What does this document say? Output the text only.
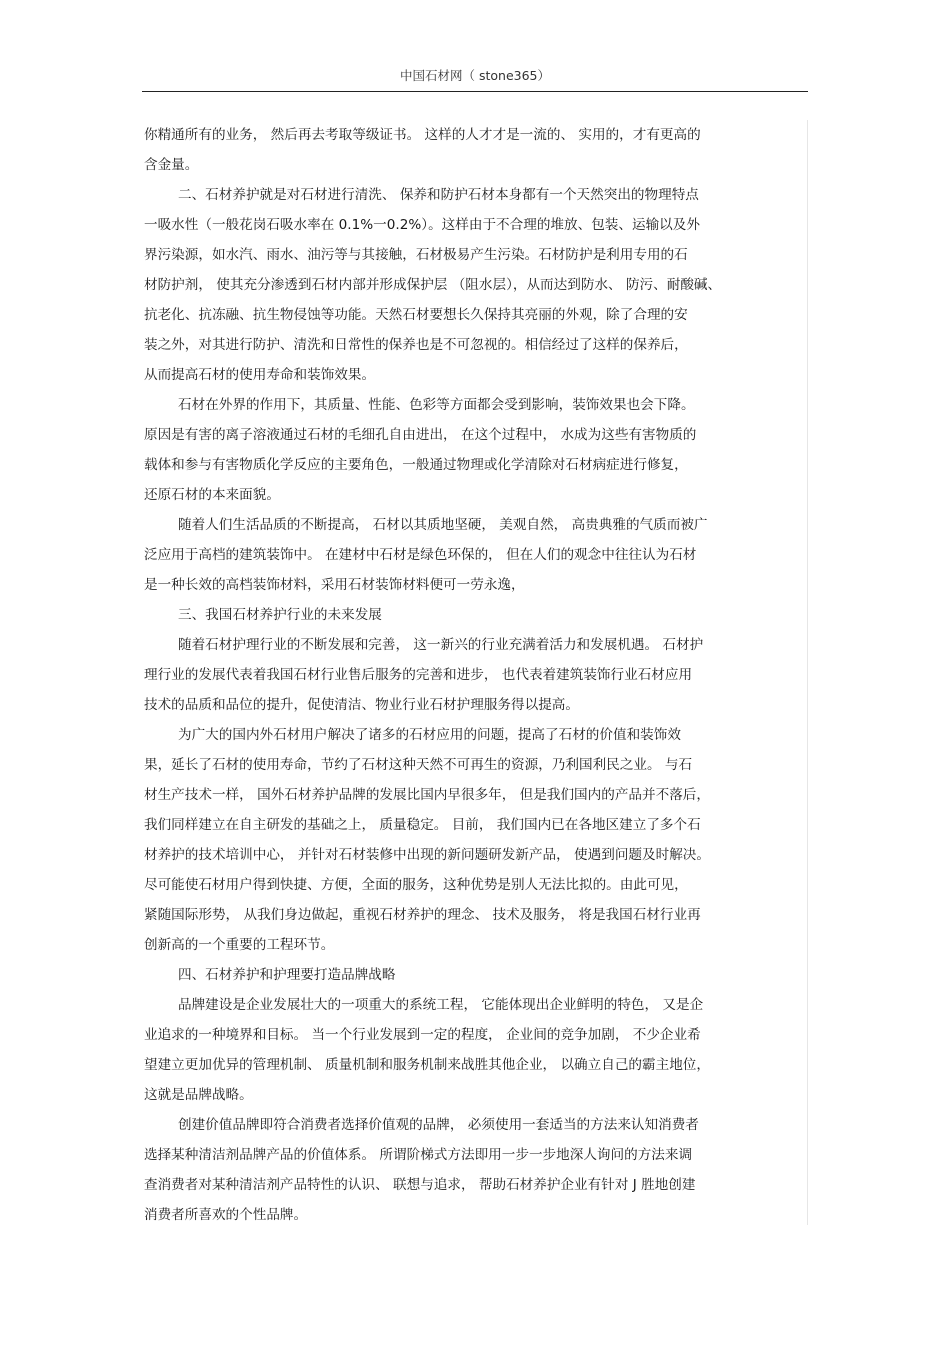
中国石材网（ stone365）
你精通所有的业务， 然后再去考取等级证书。 这样的人才才是一流的、 实用的，才有更高的
含金量。
二、石材养护就是对石材进行清洗、 保养和防护石材本身都有一个天然突出的物理特点
一吸水性（一般花岗石吸水率在 0.1%一0.2%）。这样由于不合理的堆放、包装、运输以及外
界污染源，如水汽、雨水、油污等与其接触，石材极易产生污染。石材防护是利用专用的石
材防护剂， 使其充分渗透到石材内部并形成保护层 （阻水层），从而达到防水、 防污、耐酸碱、
抗老化、抗冻融、抗生物侵蚀等功能。天然石材要想长久保持其亮丽的外观，除了合理的安
装之外，对其进行防护、清洗和日常性的保养也是不可忽视的。相信经过了这样的保养后，
从而提高石材的使用寿命和装饰效果。
石材在外界的作用下，其质量、性能、色彩等方面都会受到影响，装饰效果也会下降。
原因是有害的离子溶液通过石材的毛细孔自由进出， 在这个过程中， 水成为这些有害物质的
载体和参与有害物质化学反应的主要角色，一般通过物理或化学清除对石材病症进行修复，
还原石材的本来面貌。
随着人们生活品质的不断提高， 石材以其质地坚硬， 美观自然， 高贵典雅的气质而被广
泛应用于高档的建筑装饰中。 在建材中石材是绿色环保的， 但在人们的观念中往往认为石材
是一种长效的高档装饰材料，采用石材装饰材料便可一劳永逸，
三、我国石材养护行业的未来发展
随着石材护理行业的不断发展和完善， 这一新兴的行业充满着活力和发展机遇。 石材护
理行业的发展代表着我国石材行业售后服务的完善和进步， 也代表着建筑装饰行业石材应用
技术的品质和品位的提升，促使清洁、物业行业石材护理服务得以提高。
为广大的国内外石材用户解决了诸多的石材应用的问题，提高了石材的价值和装饰效
果，延长了石材的使用寿命，节约了石材这种天然不可再生的资源，乃利国利民之业。 与石
材生产技术一样， 国外石材养护品牌的发展比国内早很多年， 但是我们国内的产品并不落后，
我们同样建立在自主研发的基础之上， 质量稳定。 目前， 我们国内已在各地区建立了多个石
材养护的技术培训中心， 并针对石材装修中出现的新问题研发新产品， 使遇到问题及时解决。
尽可能使石材用户得到快捷、方便，全面的服务，这种优势是别人无法比拟的。由此可见，
紧随国际形势， 从我们身边做起，重视石材养护的理念、 技术及服务， 将是我国石材行业再
创新高的一个重要的工程环节。
四、石材养护和护理要打造品牌战略
品牌建设是企业发展壮大的一项重大的系统工程， 它能体现出企业鲜明的特色， 又是企
业追求的一种境界和目标。 当一个行业发展到一定的程度， 企业间的竞争加剧， 不少企业希
望建立更加优异的管理机制、 质量机制和服务机制来战胜其他企业， 以确立自己的霸主地位，
这就是品牌战略。
创建价值品牌即符合消费者选择价值观的品牌， 必须使用一套适当的方法来认知消费者
选择某种清洁剂品牌产品的价值体系。 所谓阶梯式方法即用一步一步地深人询问的方法来调
查消费者对某种清洁剂产品特性的认识、 联想与追求， 帮助石材养护企业有针对 J 胜地创建
消费者所喜欢的个性品牌。
